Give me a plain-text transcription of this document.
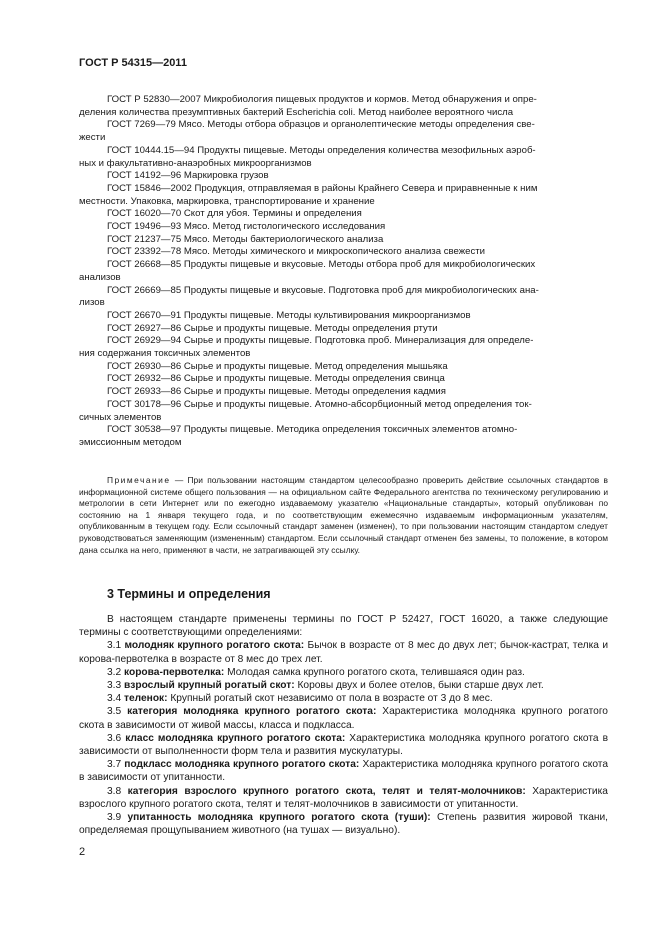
ГОСТ Р 54315—2011

ГОСТ Р 52830—2007 Микробиология пищевых продуктов и кормов. Метод обнаружения и опре-

деления количества презумптивных бактерий Escherichia coli. Метод наиболее вероятного числа

ГОСТ 7269—79 Мясо. Методы отбора образцов и органолептические методы определения све-

жести

ГОСТ 10444.15—94 Продукты пищевые. Методы определения количества мезофильных аэроб-

ных и факультативно-анаэробных микроорганизмов

ГОСТ 14192—96 Маркировка грузов

ГОСТ 15846—2002 Продукция, отправляемая в районы Крайнего Севера и приравненные к ним

местности. Упаковка, маркировка, транспортирование и хранение

ГОСТ 16020—70 Скот для убоя. Термины и определения

ГОСТ 19496—93 Мясо. Метод гистологического исследования

ГОСТ 21237—75 Мясо. Методы бактериологического анализа

ГОСТ 23392—78 Мясо. Методы химического и микроскопического анализа свежести

ГОСТ 26668—85 Продукты пищевые и вкусовые. Методы отбора проб для микробиологических

анализов

ГОСТ 26669—85 Продукты пищевые и вкусовые. Подготовка проб для микробиологических ана-

лизов

ГОСТ 26670—91 Продукты пищевые. Методы культивирования микроорганизмов

ГОСТ 26927—86 Сырье и продукты пищевые. Методы определения ртути

ГОСТ 26929—94 Сырье и продукты пищевые. Подготовка проб. Минерализация для определе-

ния содержания токсичных элементов

ГОСТ 26930—86 Сырье и продукты пищевые. Метод определения мышьяка

ГОСТ 26932—86 Сырье и продукты пищевые. Методы определения свинца

ГОСТ 26933—86 Сырье и продукты пищевые. Методы определения кадмия

ГОСТ 30178—96 Сырье и продукты пищевые. Атомно-абсорбционный метод определения ток-

сичных элементов

ГОСТ 30538—97 Продукты пищевые. Методика определения токсичных элементов атомно-

эмиссионным методом

Примечание — При пользовании настоящим стандартом целесообразно проверить действие ссылочных стандартов в информационной системе общего пользования — на официальном сайте Федерального агентства по техническому регулированию и метрологии в сети Интернет или по ежегодно издаваемому указателю «Национальные стандарты», который опубликован по состоянию на 1 января текущего года, и по соответствующим ежемесячно издаваемым информационным указателям, опубликованным в текущем году. Если ссылочный стандарт заменен (изменен), то при пользовании настоящим стандартом следует руководствоваться заменяющим (измененным) стандартом. Если ссылочный стандарт отменен без замены, то положение, в котором дана ссылка на него, применяют в части, не затрагивающей эту ссылку.

3 Термины и определения

В настоящем стандарте применены термины по ГОСТ Р 52427, ГОСТ 16020, а также следующие термины с соответствующими определениями:

3.1 молодняк крупного рогатого скота: Бычок в возрасте от 8 мес до двух лет; бычок-кастрат, телка и корова-первотелка в возрасте от 8 мес до трех лет.

3.2 корова-первотелка: Молодая самка крупного рогатого скота, телившаяся один раз.

3.3 взрослый крупный рогатый скот: Коровы двух и более отелов, быки старше двух лет.

3.4 теленок: Крупный рогатый скот независимо от пола в возрасте от 3 до 8 мес.

3.5 категория молодняка крупного рогатого скота: Характеристика молодняка крупного рогатого скота в зависимости от живой массы, класса и подкласса.

3.6 класс молодняка крупного рогатого скота: Характеристика молодняка крупного рогатого скота в зависимости от выполненности форм тела и развития мускулатуры.

3.7 подкласс молодняка крупного рогатого скота: Характеристика молодняка крупного рогатого скота в зависимости от упитанности.

3.8 категория взрослого крупного рогатого скота, телят и телят-молочников: Характеристика взрослого крупного рогатого скота, телят и телят-молочников в зависимости от упитанности.

3.9 упитанность молодняка крупного рогатого скота (туши): Степень развития жировой ткани, определяемая прощупыванием животного (на тушах — визуально).

2
